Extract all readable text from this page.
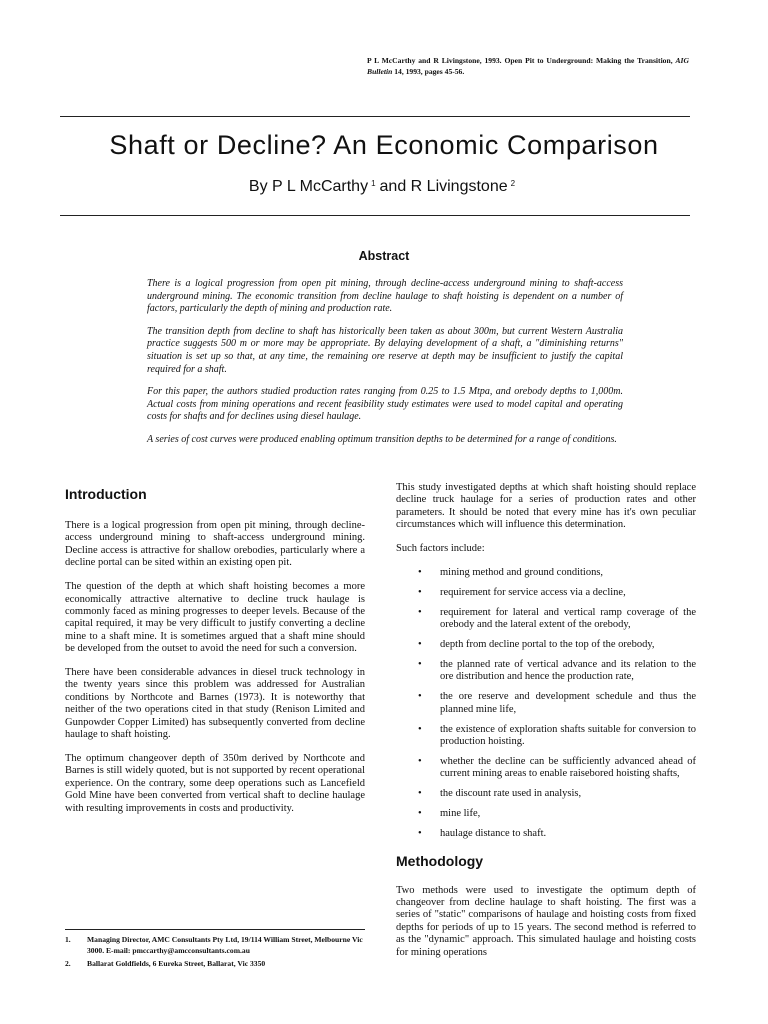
P L McCarthy and R Livingstone, 1993. Open Pit to Underground: Making the Transition, AIG Bulletin 14, 1993, pages 45-56.
Shaft or Decline? An Economic Comparison
By P L McCarthy $^1$ and R Livingstone $^2$
Abstract

There is a logical progression from open pit mining, through decline-access underground mining to shaft-access underground mining. The economic transition from decline haulage to shaft hoisting is dependent on a number of factors, particularly the depth of mining and production rate.

The transition depth from decline to shaft has historically been taken as about 300m, but current Western Australia practice suggests 500 m or more may be appropriate. By delaying development of a shaft, a "diminishing returns" situation is set up so that, at any time, the remaining ore reserve at depth may be insufficient to justify the capital required for a shaft.

For this paper, the authors studied production rates ranging from 0.25 to 1.5 Mtpa, and orebody depths to 1,000m. Actual costs from mining operations and recent feasibility study estimates were used to model capital and operating costs for shafts and for declines using diesel haulage.

A series of cost curves were produced enabling optimum transition depths to be determined for a range of conditions.

Introduction

There is a logical progression from open pit mining, through decline-access underground mining to shaft-access underground mining. Decline access is attractive for shallow orebodies, particularly where a decline portal can be sited within an existing open pit.

The question of the depth at which shaft hoisting becomes a more economically attractive alternative to decline truck haulage is commonly faced as mining progresses to deeper levels. Because of the capital required, it may be very difficult to justify converting a decline mine to a shaft mine. It is sometimes argued that a shaft mine should be developed from the outset to avoid the need for such a conversion.

There have been considerable advances in diesel truck technology in the twenty years since this problem was addressed for Australian conditions by Northcote and Barnes (1973). It is noteworthy that neither of the two operations cited in that study (Renison Limited and Gunpowder Copper Limited) has subsequently converted from decline haulage to shaft hoisting.

The optimum changeover depth of 350m derived by Northcote and Barnes is still widely quoted, but is not supported by recent operational experience. On the contrary, some deep operations such as Lancefield Gold Mine have been converted from vertical shaft to decline haulage with resulting improvements in costs and productivity.

This study investigated depths at which shaft hoisting should replace decline truck haulage for a series of production rates and other parameters. It should be noted that every mine has it's own peculiar circumstances which will influence this determination.

Such factors include:

• mining method and ground conditions,
• requirement for service access via a decline,
• requirement for lateral and vertical ramp coverage of the orebody and the lateral extent of the orebody,
• depth from decline portal to the top of the orebody,
• the planned rate of vertical advance and its relation to the ore distribution and hence the production rate,
• the ore reserve and development schedule and thus the planned mine life,
• the existence of exploration shafts suitable for conversion to production hoisting.
• whether the decline can be sufficiently advanced ahead of current mining areas to enable raisebored hoisting shafts,
• the discount rate used in analysis,
• mine life,
• haulage distance to shaft.
Methodology

Two methods were used to investigate the optimum depth of changeover from decline haulage to shaft hoisting. The first was a series of "static" comparisons of haulage and hoisting costs from fixed depths for periods of up to 15 years. The second method is referred to as the "dynamic" approach. This simulated haulage and hoisting costs for mining operations

1. Managing Director, AMC Consultants Pty Ltd, 19/114 William Street, Melbourne Vic 3000. E-mail: pmccarthy@amcconsultants.com.au
2. Ballarat Goldfields, 6 Eureka Street, Ballarat, Vic 3350
